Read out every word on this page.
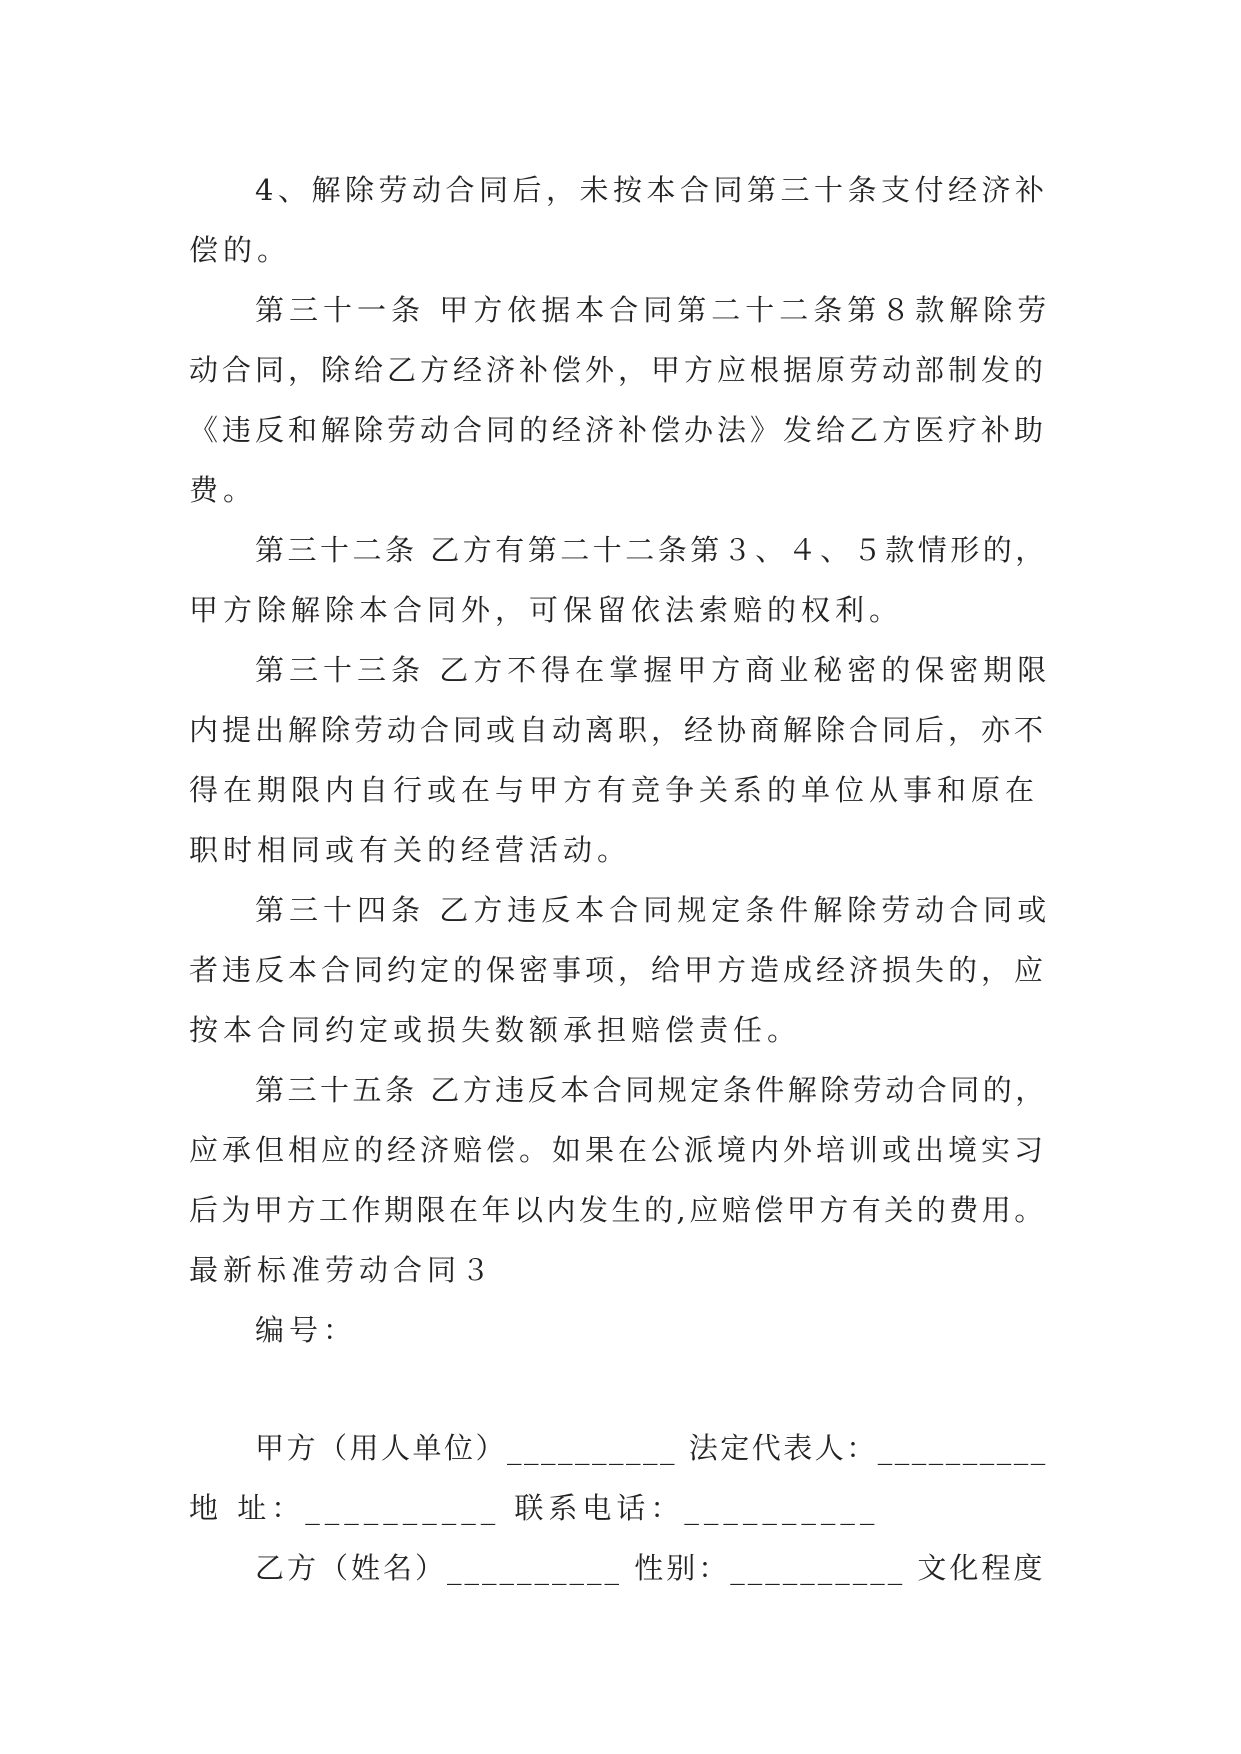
4、解除劳动合同后，未按本合同第三十条支付经济补
偿的。
第三十一条 甲方依据本合同第二十二条第８款解除劳
动合同，除给乙方经济补偿外，甲方应根据原劳动部制发的
《违反和解除劳动合同的经济补偿办法》发给乙方医疗补助
费。
第三十二条 乙方有第二十二条第３、４、５款情形的，
甲方除解除本合同外，可保留依法索赔的权利。
第三十三条 乙方不得在掌握甲方商业秘密的保密期限
内提出解除劳动合同或自动离职，经协商解除合同后，亦不
得在期限内自行或在与甲方有竞争关系的单位从事和原在
职时相同或有关的经营活动。
第三十四条 乙方违反本合同规定条件解除劳动合同或
者违反本合同约定的保密事项，给甲方造成经济损失的，应
按本合同约定或损失数额承担赔偿责任。
第三十五条 乙方违反本合同规定条件解除劳动合同的，
应承但相应的经济赔偿。如果在公派境内外培训或出境实习
后为甲方工作期限在年以内发生的,应赔偿甲方有关的费用。
最新标准劳动合同３
编号：
甲方（用人单位）__________ 法定代表人：__________
地 址：__________ 联系电话：__________
乙方（姓名）__________ 性别：__________ 文化程度
